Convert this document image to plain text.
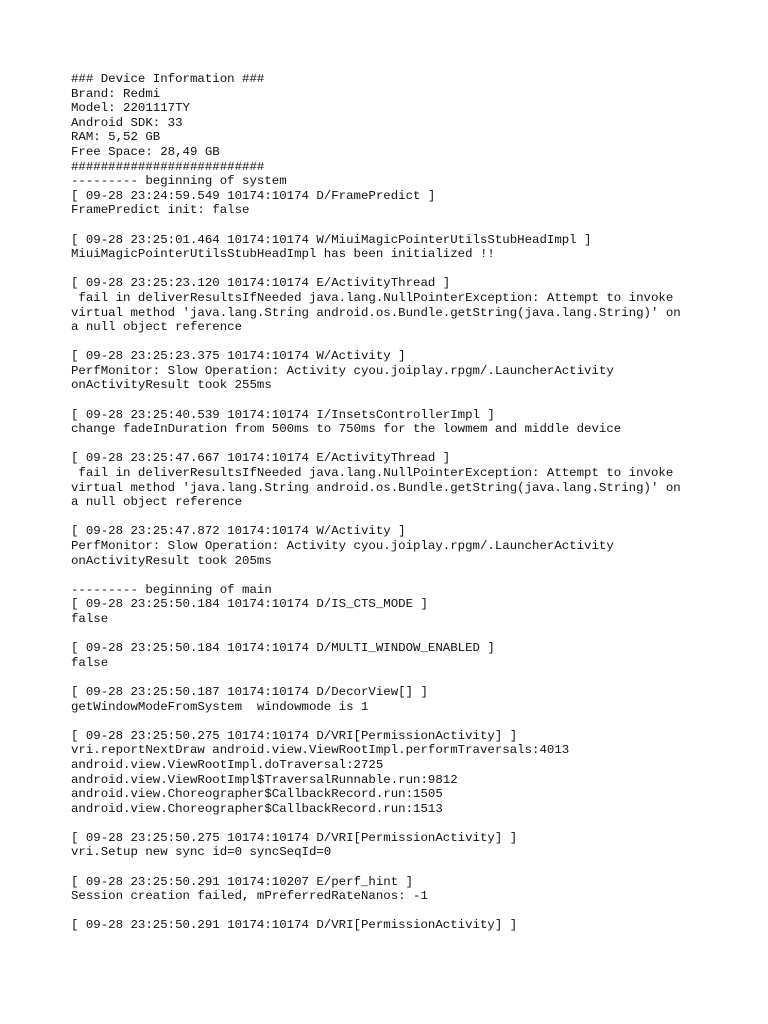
### Device Information ###
Brand: Redmi
Model: 2201117TY
Android SDK: 33
RAM: 5,52 GB
Free Space: 28,49 GB
##########################
--------- beginning of system
[ 09-28 23:24:59.549 10174:10174 D/FramePredict ]
FramePredict init: false
[ 09-28 23:25:01.464 10174:10174 W/MiuiMagicPointerUtilsStubHeadImpl ]
MiuiMagicPointerUtilsStubHeadImpl has been initialized !!
[ 09-28 23:25:23.120 10174:10174 E/ActivityThread ]
fail in deliverResultsIfNeeded java.lang.NullPointerException: Attempt to invoke
virtual method 'java.lang.String android.os.Bundle.getString(java.lang.String)' on
a null object reference
[ 09-28 23:25:23.375 10174:10174 W/Activity ]
PerfMonitor: Slow Operation: Activity cyou.joiplay.rpgm/.LauncherActivity
onActivityResult took 255ms
[ 09-28 23:25:40.539 10174:10174 I/InsetsControllerImpl ]
change fadeInDuration from 500ms to 750ms for the lowmem and middle device
[ 09-28 23:25:47.667 10174:10174 E/ActivityThread ]
fail in deliverResultsIfNeeded java.lang.NullPointerException: Attempt to invoke
virtual method 'java.lang.String android.os.Bundle.getString(java.lang.String)' on
a null object reference
[ 09-28 23:25:47.872 10174:10174 W/Activity ]
PerfMonitor: Slow Operation: Activity cyou.joiplay.rpgm/.LauncherActivity
onActivityResult took 205ms
--------- beginning of main
[ 09-28 23:25:50.184 10174:10174 D/IS_CTS_MODE ]
false
[ 09-28 23:25:50.184 10174:10174 D/MULTI_WINDOW_ENABLED ]
false
[ 09-28 23:25:50.187 10174:10174 D/DecorView[] ]
getWindowModeFromSystem  windowmode is 1
[ 09-28 23:25:50.275 10174:10174 D/VRI[PermissionActivity] ]
vri.reportNextDraw android.view.ViewRootImpl.performTraversals:4013
android.view.ViewRootImpl.doTraversal:2725
android.view.ViewRootImpl$TraversalRunnable.run:9812
android.view.Choreographer$CallbackRecord.run:1505
android.view.Choreographer$CallbackRecord.run:1513
[ 09-28 23:25:50.275 10174:10174 D/VRI[PermissionActivity] ]
vri.Setup new sync id=0 syncSeqId=0
[ 09-28 23:25:50.291 10174:10207 E/perf_hint ]
Session creation failed, mPreferredRateNanos: -1
[ 09-28 23:25:50.291 10174:10174 D/VRI[PermissionActivity] ]
